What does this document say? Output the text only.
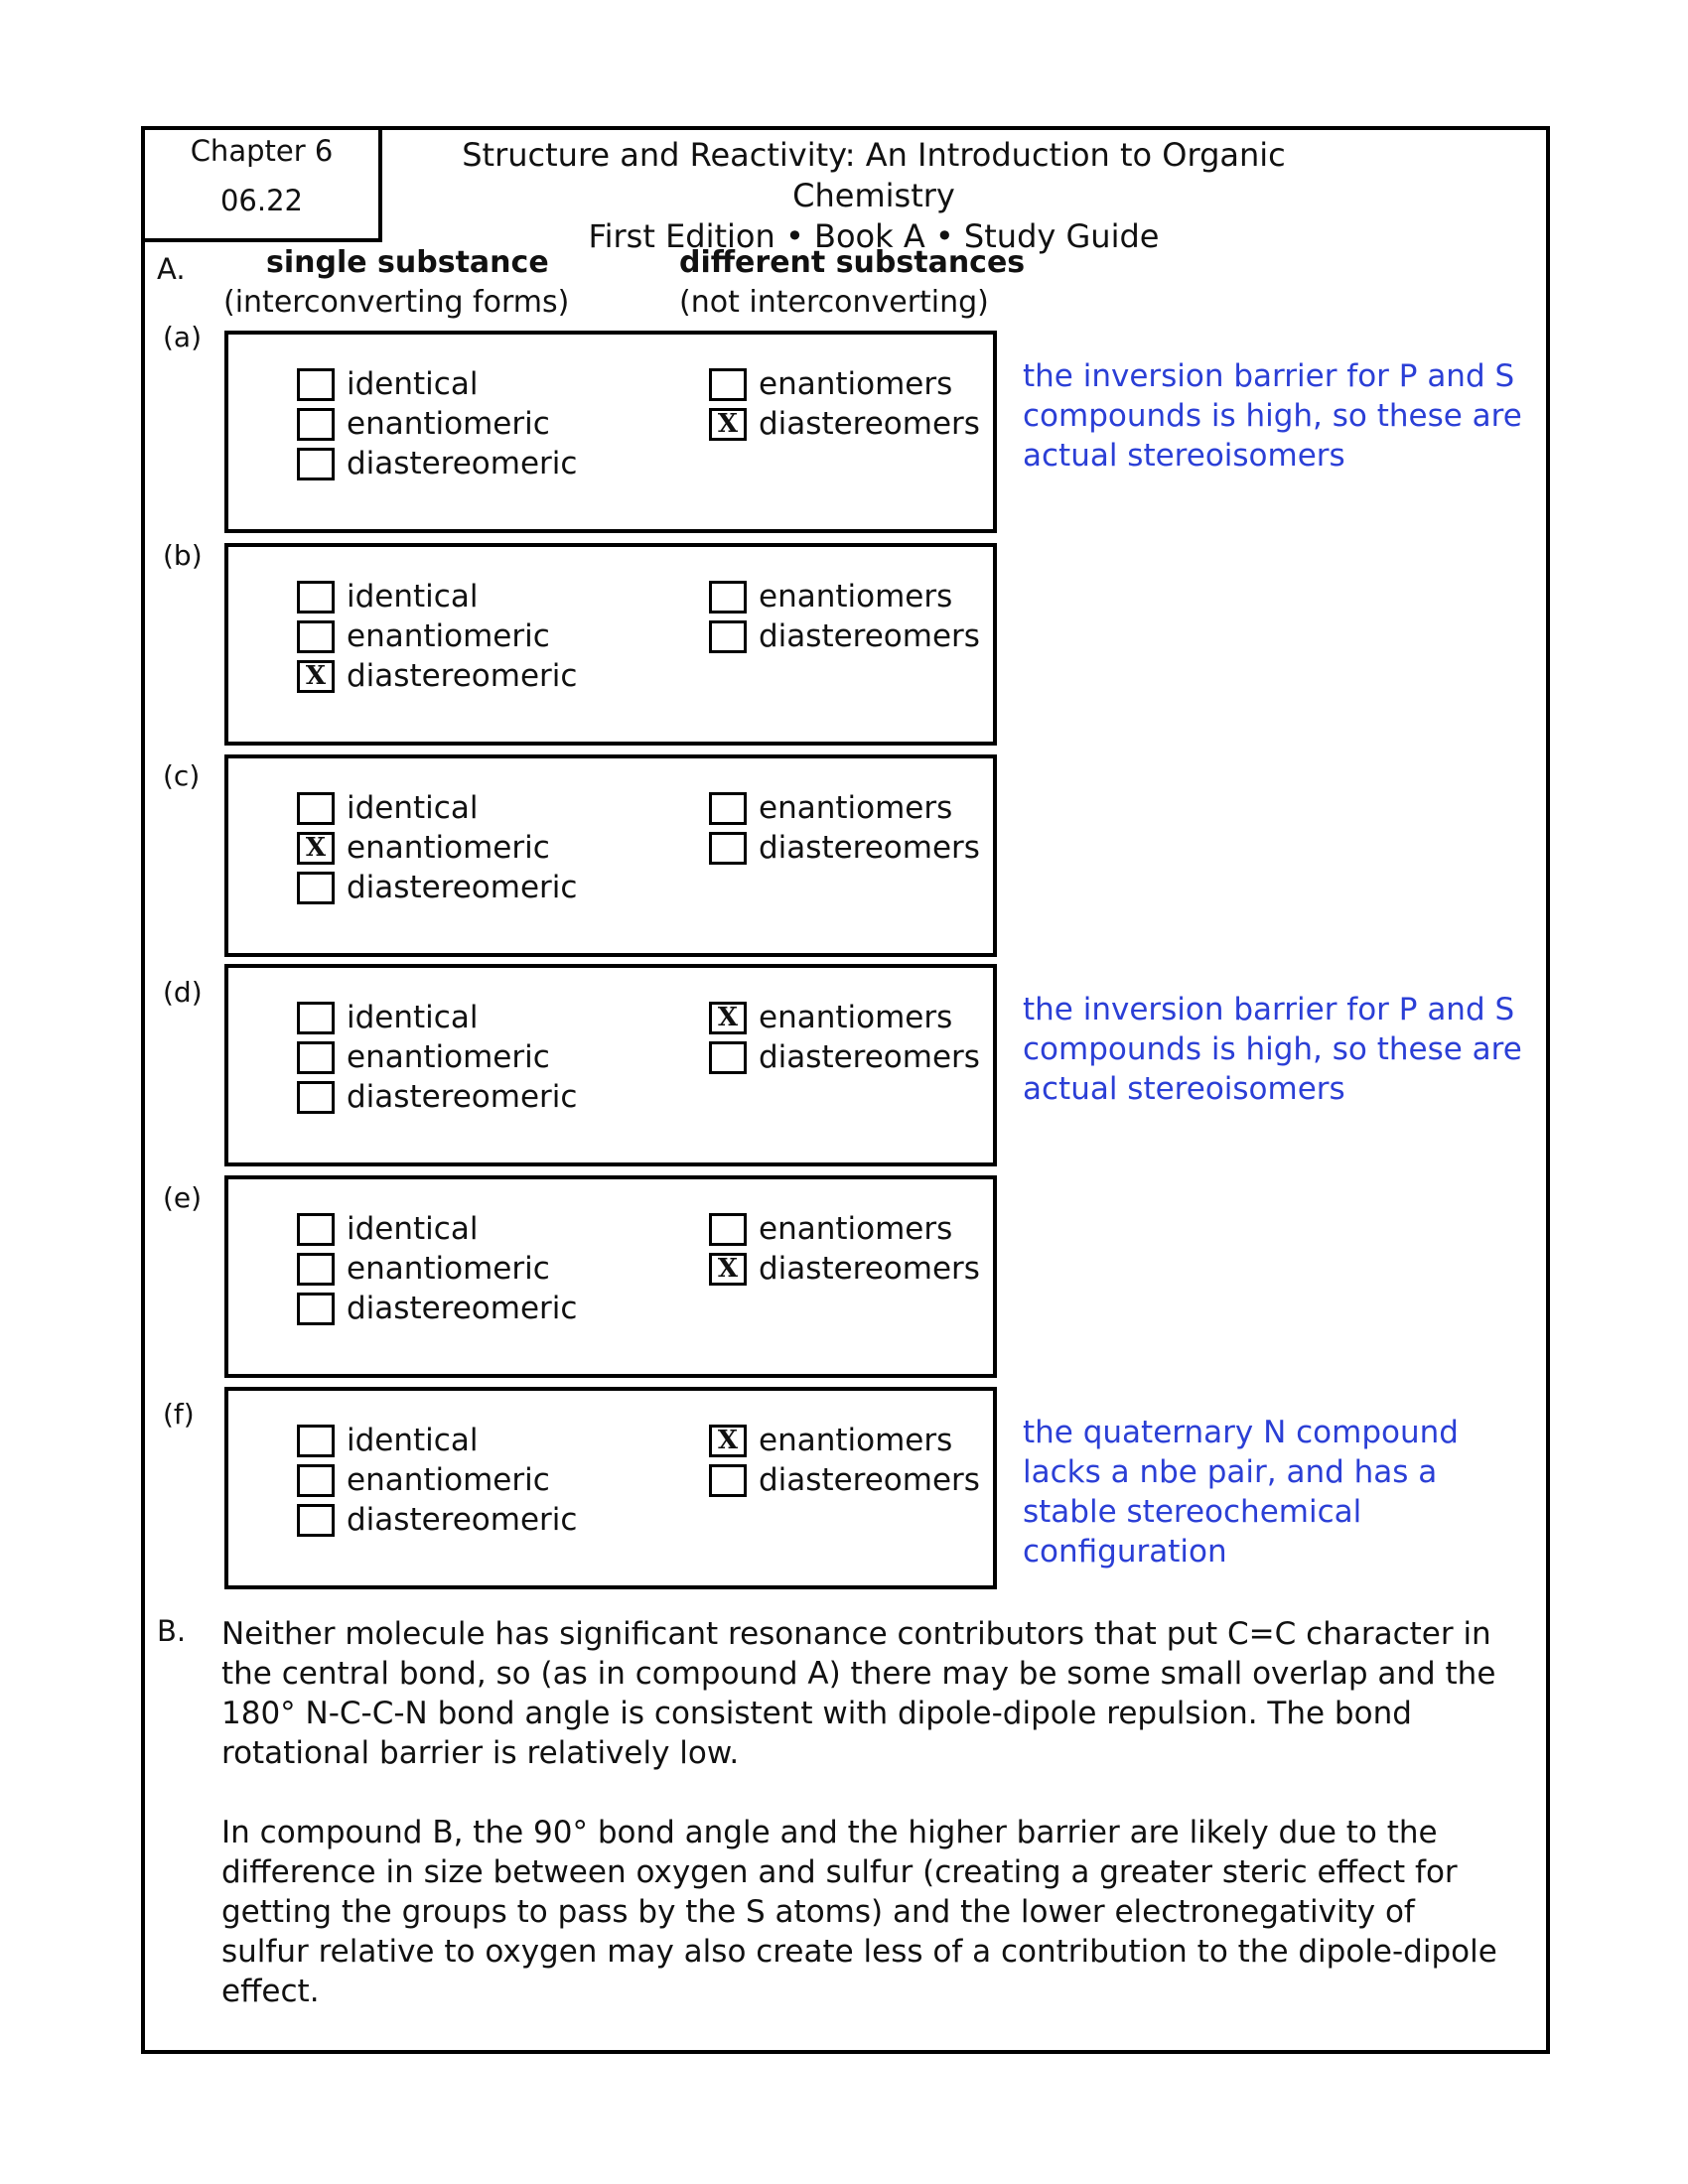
Chapter 6
06.22
Structure and Reactivity: An Introduction to Organic Chemistry
First Edition • Book A • Study Guide
A.	single substance
(interconverting forms)
different substances
(not interconverting)
(a)
identical
enantiomeric
diastereomeric
enantiomers
X diastereomers
the inversion barrier for P and S compounds is high, so these are actual stereoisomers
(b)
identical
enantiomeric
X diastereomeric
enantiomers
diastereomers
(c)
identical
X enantiomeric
diastereomeric
enantiomers
diastereomers
(d)
identical
enantiomeric
diastereomeric
X enantiomers
diastereomers
the inversion barrier for P and S compounds is high, so these are actual stereoisomers
(e)
identical
enantiomeric
diastereomeric
enantiomers
X diastereomers
(f)
identical
enantiomeric
diastereomeric
X enantiomers
diastereomers
the quaternary N compound lacks a nbe pair, and has a stable stereochemical configuration
B. Neither molecule has significant resonance contributors that put C=C character in the central bond, so (as in compound A) there may be some small overlap and the 180° N-C-C-N bond angle is consistent with dipole-dipole repulsion. The bond rotational barrier is relatively low.

In compound B, the 90° bond angle and the higher barrier are likely due to the difference in size between oxygen and sulfur (creating a greater steric effect for getting the groups to pass by the S atoms) and the lower electronegativity of sulfur relative to oxygen may also create less of a contribution to the dipole-dipole effect.
